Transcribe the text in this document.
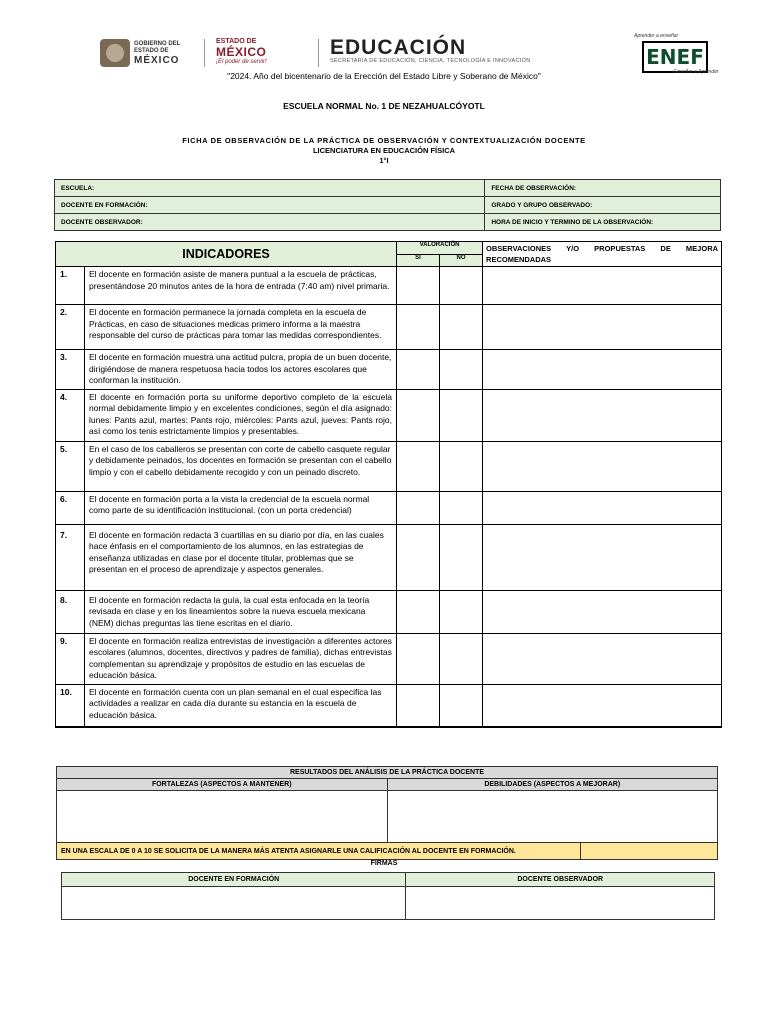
GOBIERNO DEL
ESTADO DE
MÉXICO
ESTADO DE
MÉXICO
¡El poder de servir!
EDUCACIÓN
SECRETARÍA DE EDUCACIÓN, CIENCIA, TECNOLOGÍA E INNOVACIÓN
Aprender a enseñar
ENEF
Enseñar a Aprender
"2024. Año del bicentenario de la Erección del Estado Libre y Soberano de México"
ESCUELA NORMAL No. 1 DE NEZAHUALCÓYOTL
FICHA DE OBSERVACIÓN DE LA PRÁCTICA DE OBSERVACIÓN Y CONTEXTUALIZACIÓN DOCENTE
LICENCIATURA EN EDUCACIÓN FÍSICA
1°I
ESCUELA:	FECHA DE OBSERVACIÓN:
DOCENTE EN FORMACIÓN:	GRADO Y GRUPO OBSERVADO:
DOCENTE OBSERVADOR:	HORA DE INICIO Y TERMINO DE LA OBSERVACIÓN:
INDICADORES		VALORACIÓN		OBSERVACIONES Y/O PROPUESTAS DE MEJORA
RECOMENDADAS

		SI	NO	
1.	El docente en formación asiste de manera puntual a la escuela de prácticas, presentándose 20 minutos antes de la hora de entrada (7:40 am) nivel primaria.			
2.	El docente en formación permanece la jornada completa en la escuela de Prácticas, en caso de situaciones medicas primero informa a la maestra responsable del curso de prácticas para tomar las medidas correspondientes.			
3.	El docente en formación muestra una actitud pulcra, propia de un buen docente, dirigiéndose de manera respetuosa hacia todos los actores escolares que conforman la institución.			
4.	El docente en formación porta su uniforme deportivo completo de la escuela normal debidamente limpio y en excelentes condiciones, según el día asignado: lunes: Pants azul, martes: Pants rojo, miércoles: Pants azul, jueves: Pants rojo, así como los tenis estrictamente limpios y presentables.			
5.	En el caso de los caballeros se presentan con corte de cabello casquete regular y debidamente peinados, los docentes en formación se presentan con el cabello limpio y con el cabello debidamente recogido y con un peinado discreto.			
6.	El docente en formación porta a la vista la credencial de la escuela normal como parte de su identificación institucional. (con un porta credencial)			
7.	El docente en formación redacta 3 cuartillas en su diario por día, en las cuales hace énfasis en el comportamiento de los alumnos, en las estrategias de enseñanza utilizadas en clase por el docente titular, problemas que se presentan en el proceso de aprendizaje y aspectos generales.			
8.	El docente en formación redacta la guía, la cual esta enfocada en la teoría revisada en clase y en los lineamientos sobre la nueva escuela mexicana (NEM) dichas preguntas las tiene escritas en el diario.			
9.	El docente en formación realiza entrevistas de investigación a diferentes actores escolares (alumnos, docentes, directivos y padres de familia), dichas entrevistas complementan su aprendizaje y propósitos de estudio en las escuelas de educación básica.			
10.	El docente en formación cuenta con un plan semanal en el cual especifica las actividades a realizar en cada día durante su estancia en la escuela de educación básica.			
RESULTADOS DEL ANÁLISIS DE LA PRÁCTICA DOCENTE		
FORTALEZAS (ASPECTOS A MANTENER)	DEBILIDADES (ASPECTOS A MEJORAR)	

EN UNA ESCALA DE 0 A 10 SE SOLICITA DE LA MANERA MÁS ATENTA ASIGNARLE UNA CALIFICACIÓN AL DOCENTE EN FORMACIÓN.		
FIRMAS
DOCENTE EN FORMACIÓN	DOCENTE OBSERVADOR
